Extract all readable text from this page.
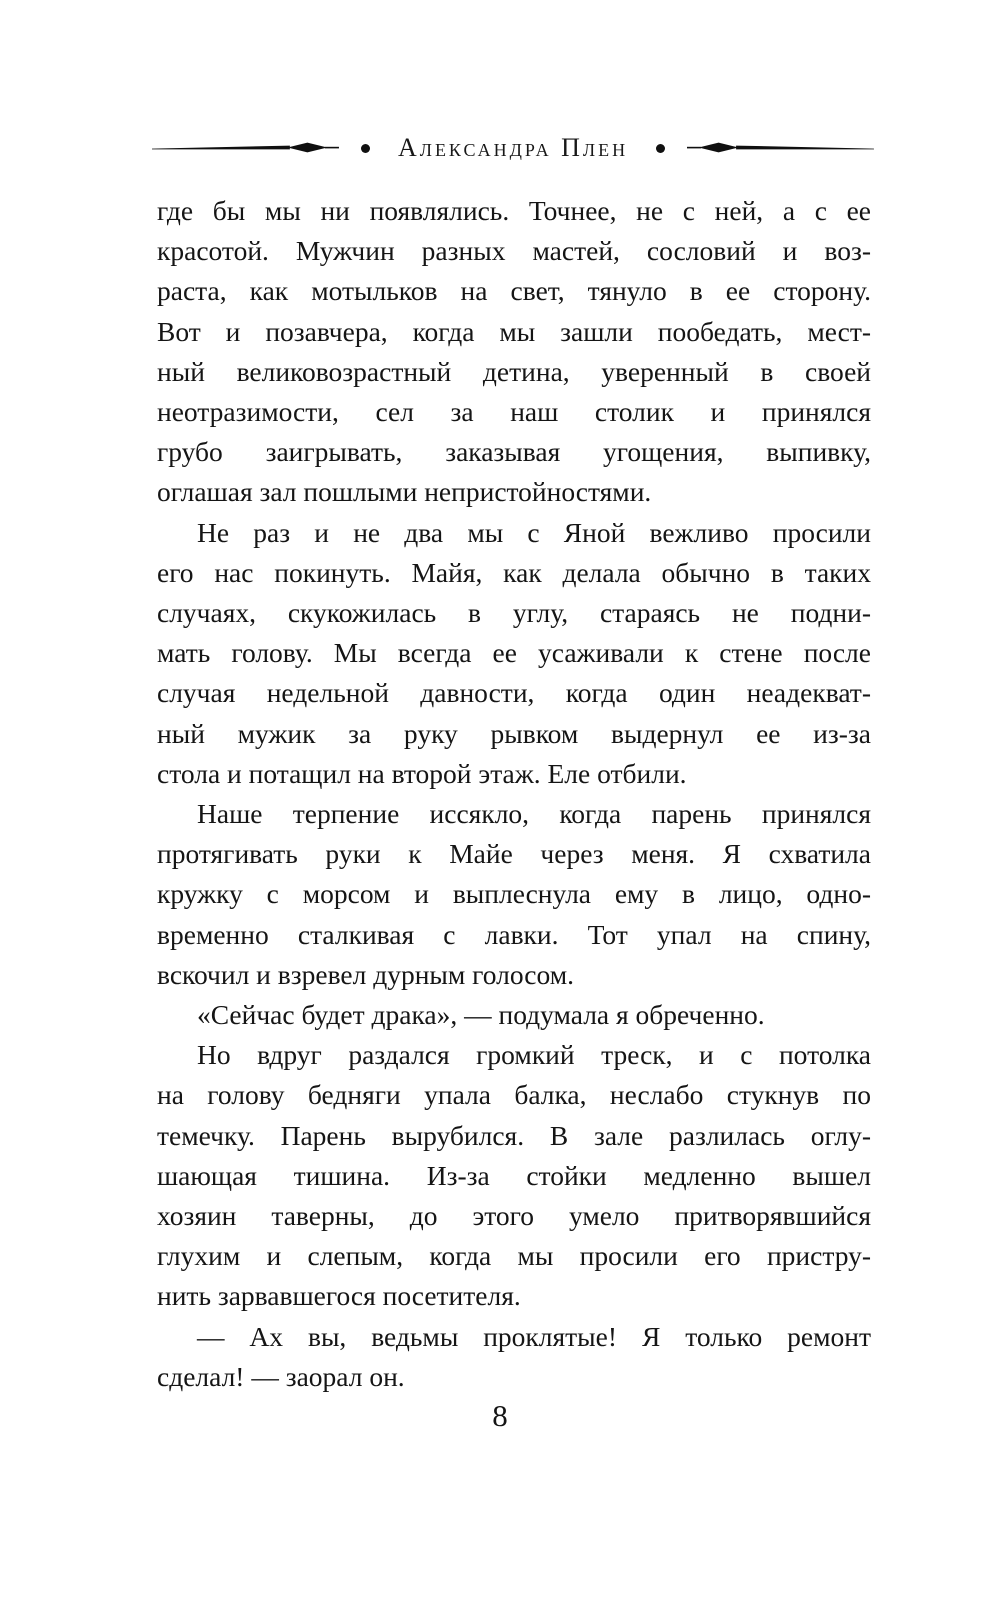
Александра Плен

где бы мы ни появлялись. Точнее, не с ней, а с ее
красотой. Мужчин разных мастей, сословий и воз-
раста, как мотыльков на свет, тянуло в ее сторону.
Вот и позавчера, когда мы зашли пообедать, мест-
ный великовозрастный детина, уверенный в своей
неотразимости, сел за наш столик и принялся
грубо заигрывать, заказывая угощения, выпивку,
оглашая зал пошлыми непристойностями.

Не раз и не два мы с Яной вежливо просили
его нас покинуть. Майя, как делала обычно в таких
случаях, скукожилась в углу, стараясь не подни-
мать голову. Мы всегда ее усаживали к стене после
случая недельной давности, когда один неадекват-
ный мужик за руку рывком выдернул ее из-за
стола и потащил на второй этаж. Еле отбили.

Наше терпение иссякло, когда парень принялся
протягивать руки к Майе через меня. Я схватила
кружку с морсом и выплеснула ему в лицо, одно-
временно сталкивая с лавки. Тот упал на спину,
вскочил и взревел дурным голосом.

«Сейчас будет драка», — подумала я обреченно.

Но вдруг раздался громкий треск, и с потолка
на голову бедняги упала балка, неслабо стукнув по
темечку. Парень вырубился. В зале разлилась оглу-
шающая тишина. Из-за стойки медленно вышел
хозяин таверны, до этого умело притворявшийся
глухим и слепым, когда мы просили его пристру-
нить зарвавшегося посетителя.

— Ах вы, ведьмы проклятые! Я только ремонт
сделал! — заорал он.

8
